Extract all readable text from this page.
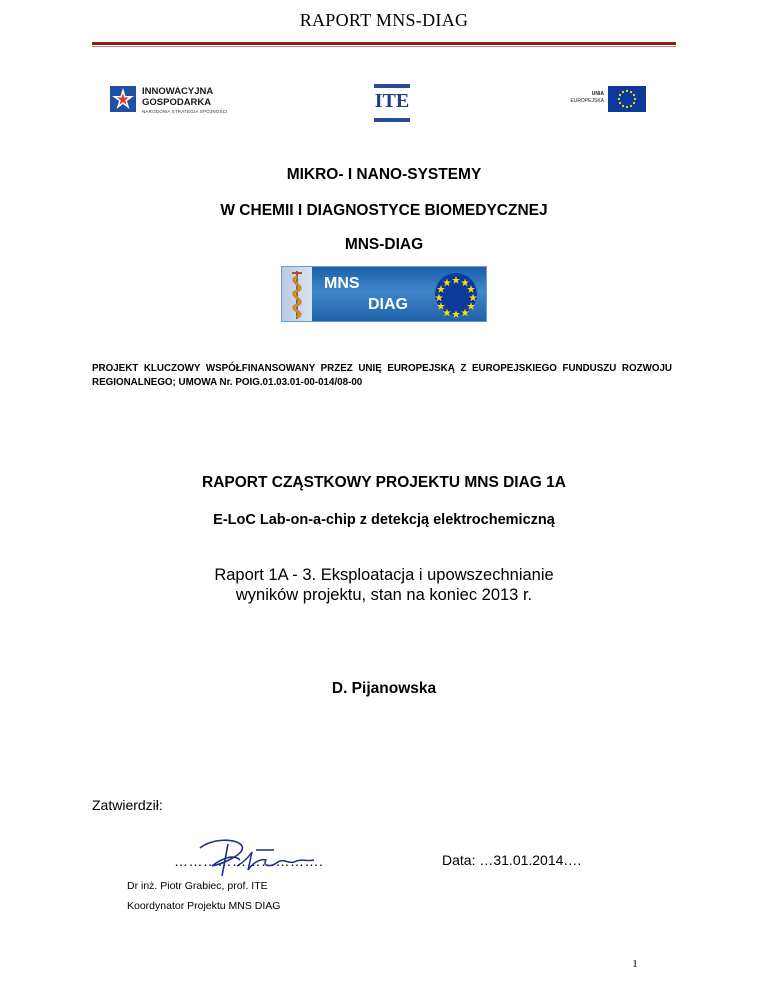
RAPORT MNS-DIAG
INNOWACYJNA
GOSPODARKA
NARODOWA STRATEGIA SPÓJNOŚCI	ITE	UNIA
EUROPEJSKA
MIKRO- I NANO-SYSTEMY
W CHEMII I DIAGNOSTYCE BIOMEDYCZNEJ
MNS-DIAG
MNS
DIAG
PROJEKT KLUCZOWY WSPÓŁFINANSOWANY PRZEZ UNIĘ EUROPEJSKĄ Z EUROPEJSKIEGO FUNDUSZU ROZWOJU REGIONALNEGO; UMOWA Nr. POIG.01.03.01-00-014/08-00
RAPORT CZĄSTKOWY PROJEKTU MNS DIAG 1A
E-LoC Lab-on-a-chip z detekcją elektrochemiczną
Raport 1A - 3. Eksploatacja i upowszechnianie
wyników projektu, stan na koniec 2013 r.
D. Pijanowska
Zatwierdził:
………………………….	Data: …31.01.2014….
Dr inż. Piotr Grabiec, prof. ITE
Koordynator Projektu MNS DIAG
1
